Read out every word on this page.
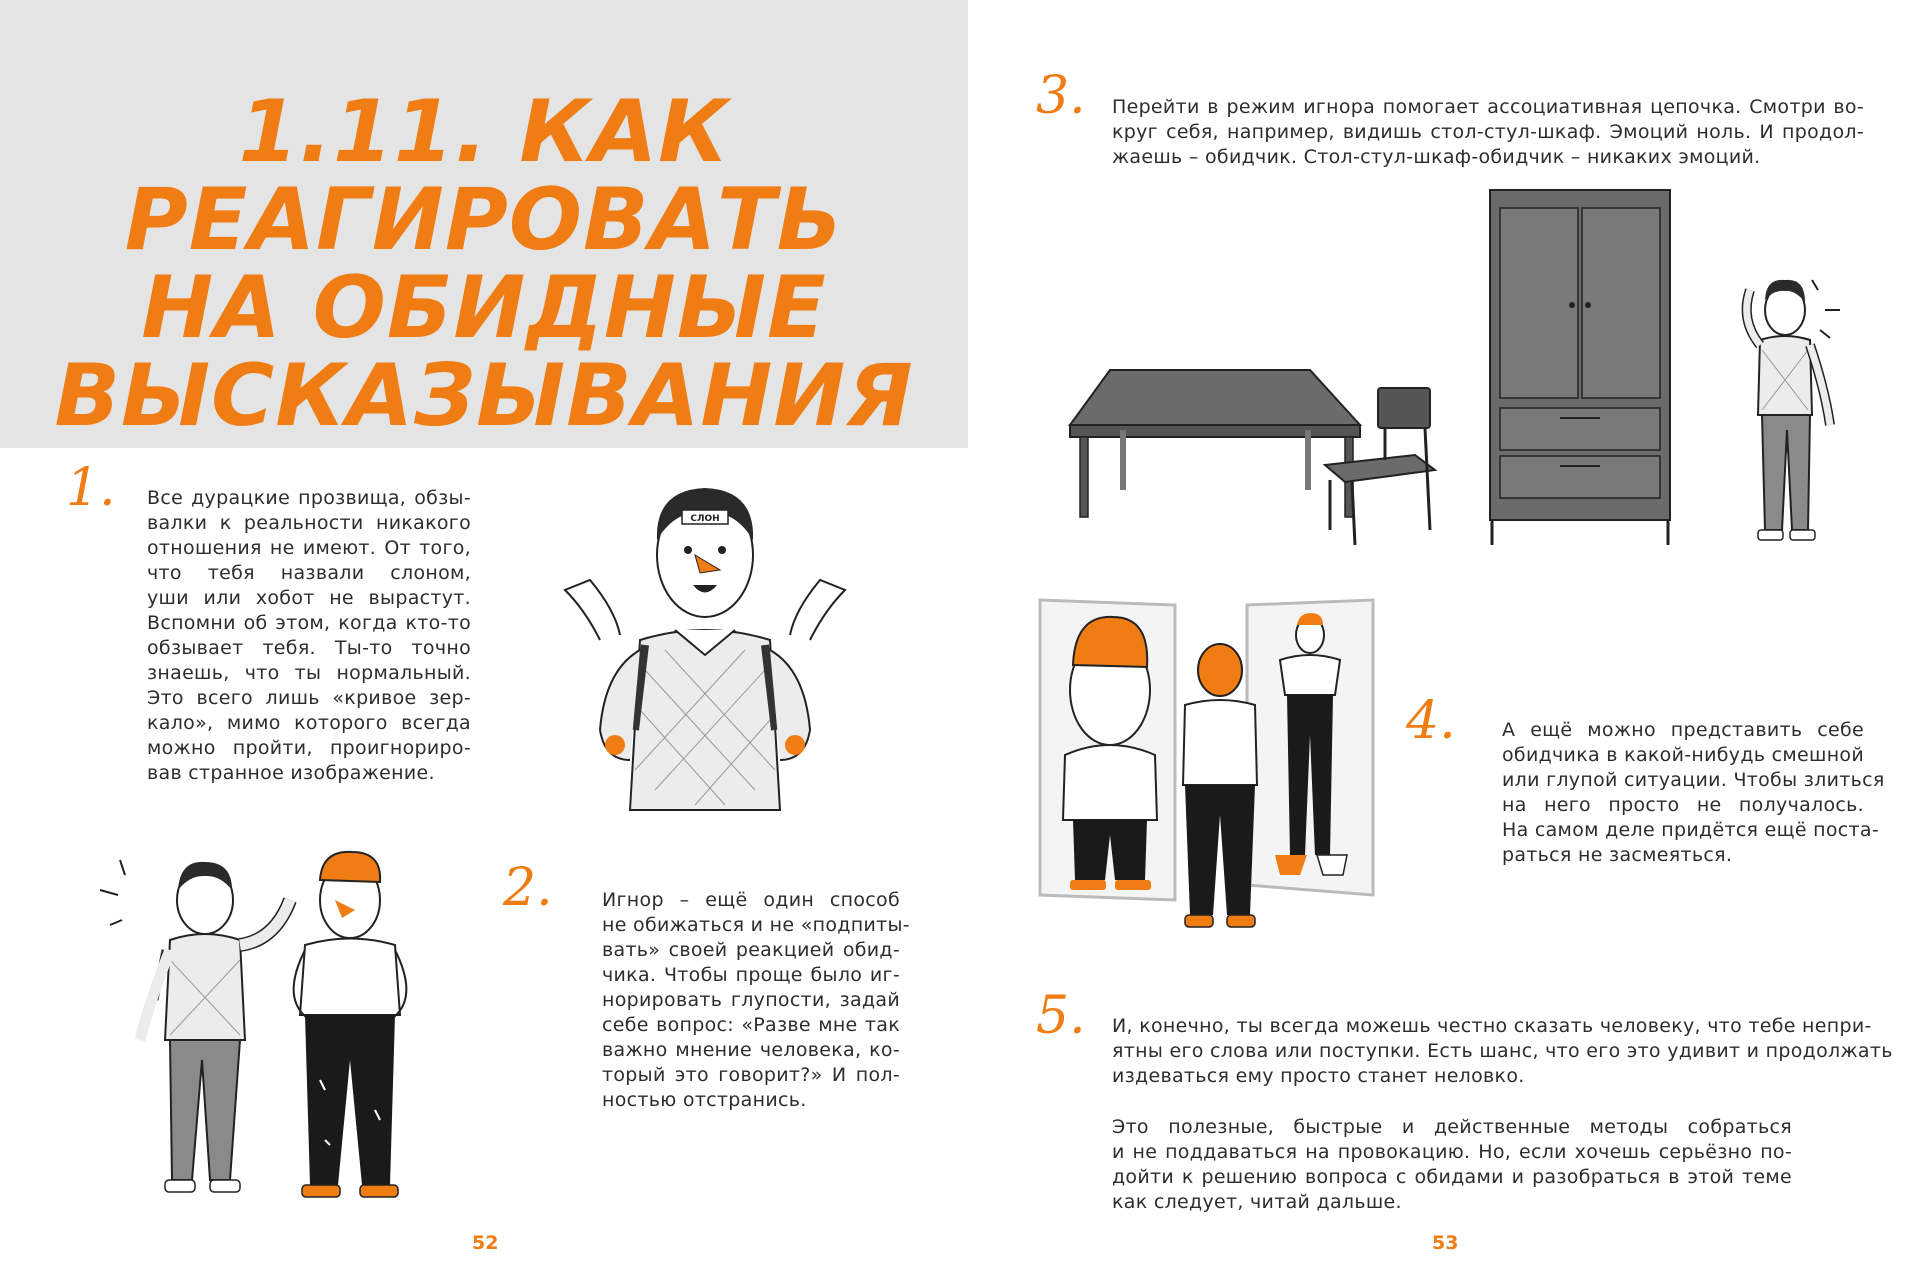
1.11. КАК
РЕАГИРОВАТЬ
НА ОБИДНЫЕ
ВЫСКАЗЫВАНИЯ
1. Все дурацкие прозвища, обзы-
валки к реальности никакого
отношения не имеют. От того,
что тебя назвали слоном,
уши или хобот не вырастут.
Вспомни об этом, когда кто-то
обзывает тебя. Ты-то точно
знаешь, что ты нормальный.
Это всего лишь «кривое зер-
кало», мимо которого всегда
можно пройти, проигнориро-
вав странное изображение.
СЛОН
2.	Игнор – ещё один способ
не обижаться и не «подпиты-
вать» своей реакцией обид-
чика. Чтобы проще было иг-
норировать глупости, задай
себе вопрос: «Разве мне так
важно мнение человека, ко-
торый это говорит?» И пол-
ностью отстранись.
52
3. Перейти в режим игнора помогает ассоциативная цепочка. Смотри во-
круг себя, например, видишь стол-стул-шкаф. Эмоций ноль. И продол-
жаешь – обидчик. Стол-стул-шкаф-обидчик – никаких эмоций.
4. А ещё можно представить себе
обидчика в какой-нибудь смешной
или глупой ситуации. Чтобы злиться
на него просто не получалось.
На самом деле придётся ещё поста-
раться не засмеяться.
5. И, конечно, ты всегда можешь честно сказать человеку, что тебе непри-
ятны его слова или поступки. Есть шанс, что его это удивит и продолжать
издеваться ему просто станет неловко.
Это полезные, быстрые и действенные методы собраться
и не поддаваться на провокацию. Но, если хочешь серьёзно по-
дойти к решению вопроса с обидами и разобраться в этой теме
как следует, читай дальше.
53
